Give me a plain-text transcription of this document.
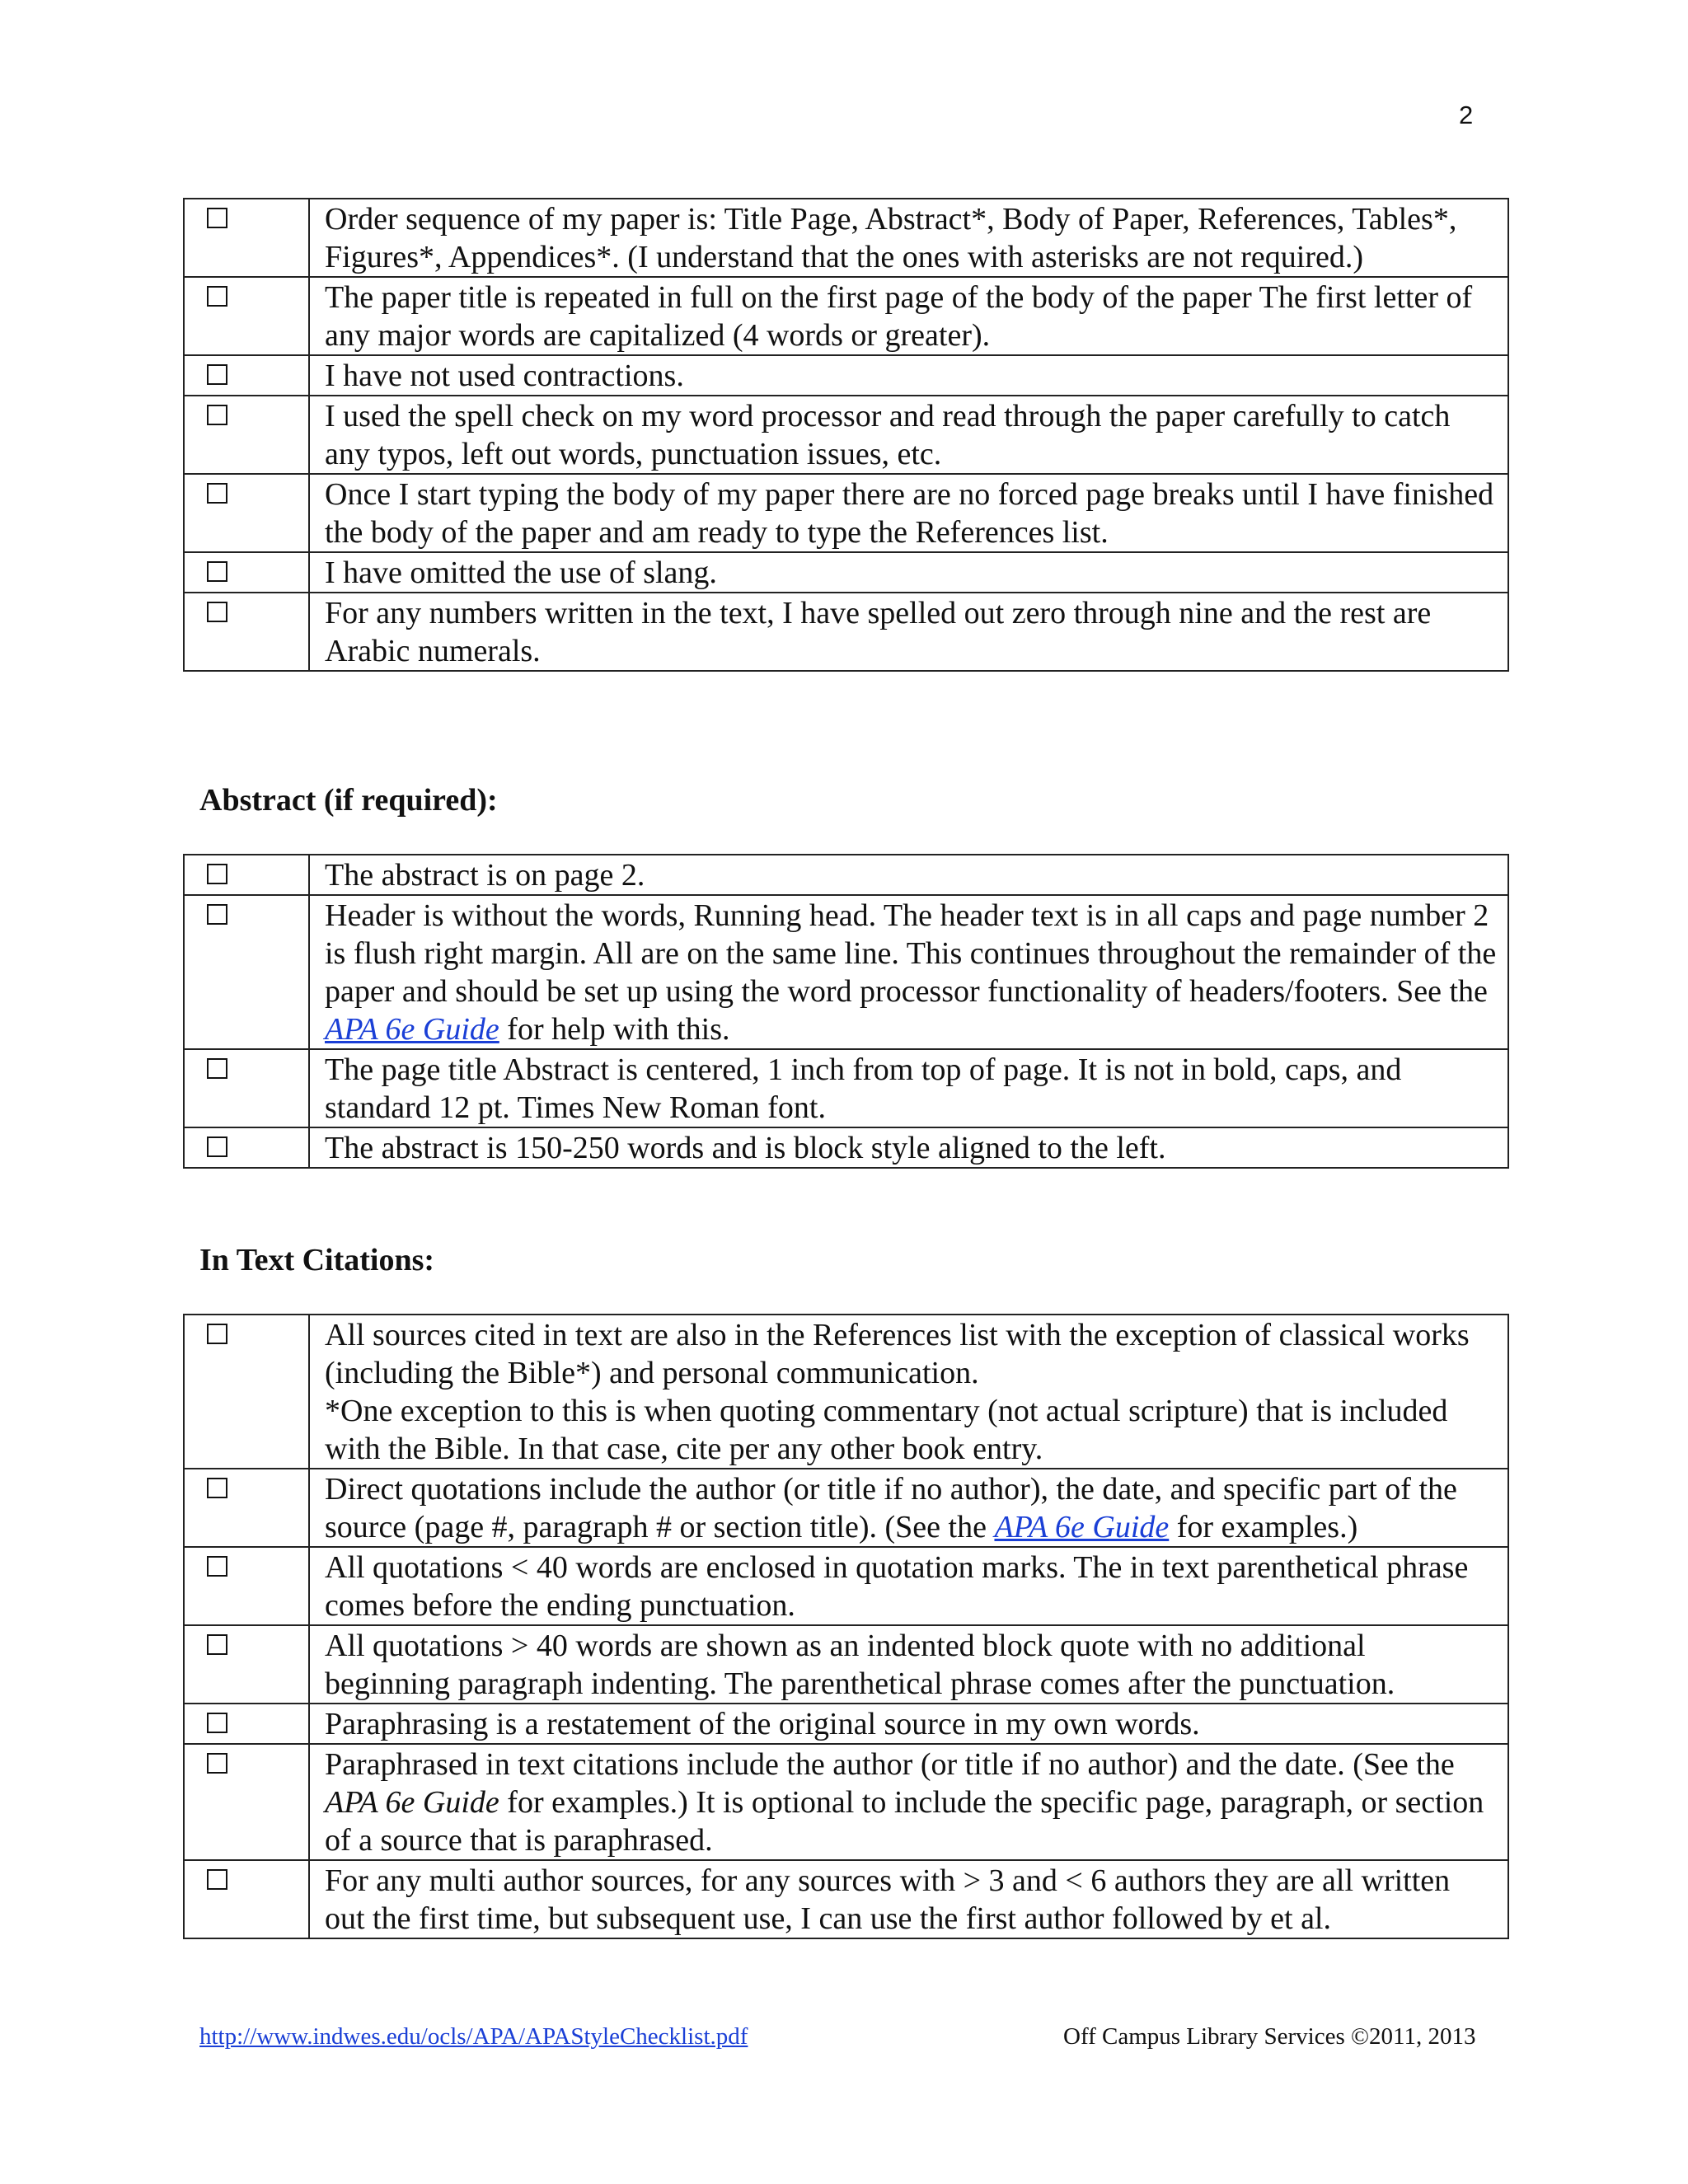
2
	Order sequence of my paper is: Title Page, Abstract*, Body of Paper, References, Tables*, Figures*, Appendices*. (I understand that the ones with asterisks are not required.)

	The paper title is repeated in full on the first page of the body of the paper The first letter of any major words are capitalized (4 words or greater).

	I have not used contractions.

	I used the spell check on my word processor and read through the paper carefully to catch any typos, left out words, punctuation issues, etc.

	Once I start typing the body of my paper there are no forced page breaks until I have finished the body of the paper and am ready to type the References list.

	I have omitted the use of slang.

	For any numbers written in the text, I have spelled out zero through nine and the rest are Arabic numerals.
Abstract (if required):
	The abstract is on page 2.

	Header is without the words, Running head. The header text is in all caps and page number 2 is flush right margin. All are on the same line. This continues throughout the remainder of the paper and should be set up using the word processor functionality of headers/footers. See the APA 6e Guide for help with this.

	The page title Abstract is centered, 1 inch from top of page. It is not in bold, caps, and standard 12 pt. Times New Roman font.

	The abstract is 150-250 words and is block style aligned to the left.
In Text Citations:

	All sources cited in text are also in the References list with the exception of classical works (including the Bible*) and personal communication.
*One exception to this is when quoting commentary (not actual scripture) that is included with the Bible. In that case, cite per any other book entry.

	Direct quotations include the author (or title if no author), the date, and specific part of the source (page #, paragraph # or section title). (See the APA 6e Guide for examples.)

	All quotations < 40 words are enclosed in quotation marks. The in text parenthetical phrase comes before the ending punctuation.

	All quotations > 40 words are shown as an indented block quote with no additional beginning paragraph indenting. The parenthetical phrase comes after the punctuation.

	Paraphrasing is a restatement of the original source in my own words.

	Paraphrased in text citations include the author (or title if no author) and the date. (See the APA 6e Guide for examples.) It is optional to include the specific page, paragraph, or section of a source that is paraphrased.

	For any multi author sources, for any sources with > 3 and < 6 authors they are all written out the first time, but subsequent use, I can use the first author followed by et al.
http://www.indwes.edu/ocls/APA/APAStyleChecklist.pdf	Off Campus Library Services ©2011, 2013
